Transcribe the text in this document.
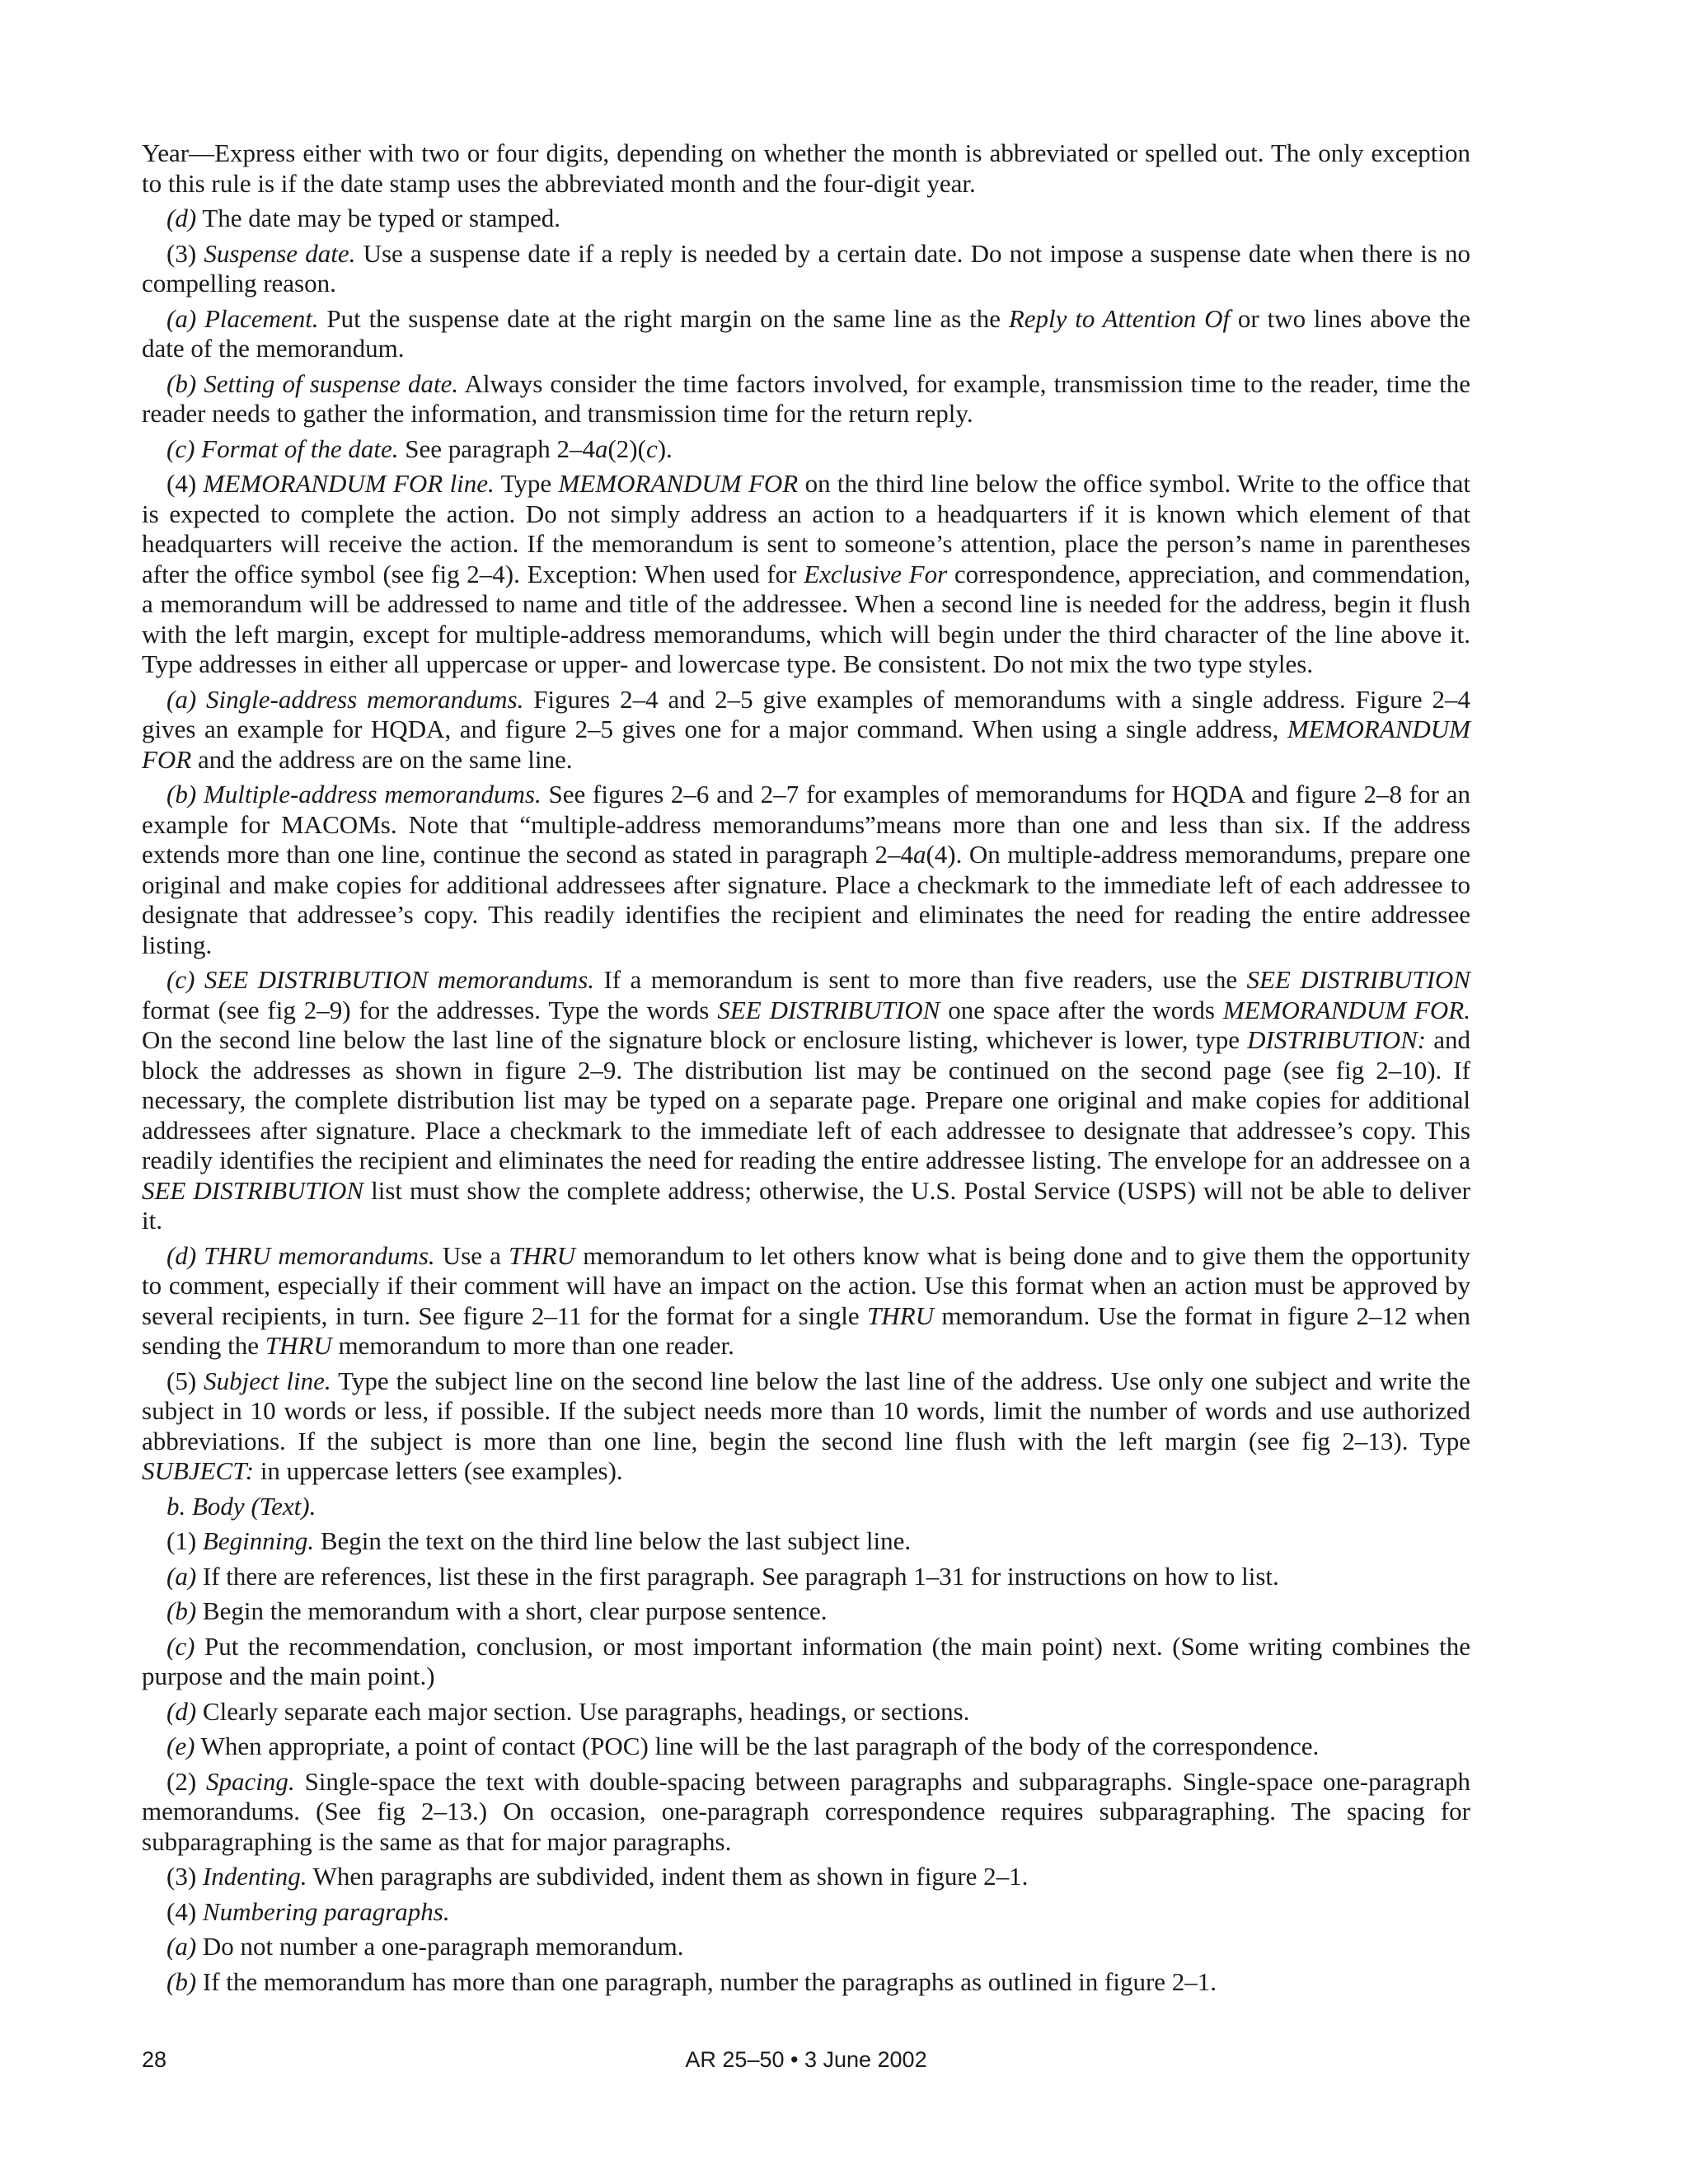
Year—Express either with two or four digits, depending on whether the month is abbreviated or spelled out. The only exception to this rule is if the date stamp uses the abbreviated month and the four-digit year.

(d) The date may be typed or stamped.

(3) Suspense date. Use a suspense date if a reply is needed by a certain date. Do not impose a suspense date when there is no compelling reason.

(a) Placement. Put the suspense date at the right margin on the same line as the Reply to Attention Of or two lines above the date of the memorandum.

(b) Setting of suspense date. Always consider the time factors involved, for example, transmission time to the reader, time the reader needs to gather the information, and transmission time for the return reply.

(c) Format of the date. See paragraph 2–4a(2)(c).

(4) MEMORANDUM FOR line. Type MEMORANDUM FOR on the third line below the office symbol. Write to the office that is expected to complete the action. Do not simply address an action to a headquarters if it is known which element of that headquarters will receive the action. If the memorandum is sent to someone’s attention, place the person’s name in parentheses after the office symbol (see fig 2–4). Exception: When used for Exclusive For correspondence, appreciation, and commendation, a memorandum will be addressed to name and title of the addressee. When a second line is needed for the address, begin it flush with the left margin, except for multiple-address memorandums, which will begin under the third character of the line above it. Type addresses in either all uppercase or upper- and lowercase type. Be consistent. Do not mix the two type styles.

(a) Single-address memorandums. Figures 2–4 and 2–5 give examples of memorandums with a single address. Figure 2–4 gives an example for HQDA, and figure 2–5 gives one for a major command. When using a single address, MEMORANDUM FOR and the address are on the same line.

(b) Multiple-address memorandums. See figures 2–6 and 2–7 for examples of memorandums for HQDA and figure 2–8 for an example for MACOMs. Note that “multiple-address memorandums”means more than one and less than six. If the address extends more than one line, continue the second as stated in paragraph 2–4a(4). On multiple-address memorandums, prepare one original and make copies for additional addressees after signature. Place a checkmark to the immediate left of each addressee to designate that addressee’s copy. This readily identifies the recipient and eliminates the need for reading the entire addressee listing.

(c) SEE DISTRIBUTION memorandums. If a memorandum is sent to more than five readers, use the SEE DISTRIBUTION format (see fig 2–9) for the addresses. Type the words SEE DISTRIBUTION one space after the words MEMORANDUM FOR. On the second line below the last line of the signature block or enclosure listing, whichever is lower, type DISTRIBUTION: and block the addresses as shown in figure 2–9. The distribution list may be continued on the second page (see fig 2–10). If necessary, the complete distribution list may be typed on a separate page. Prepare one original and make copies for additional addressees after signature. Place a checkmark to the immediate left of each addressee to designate that addressee’s copy. This readily identifies the recipient and eliminates the need for reading the entire addressee listing. The envelope for an addressee on a SEE DISTRIBUTION list must show the complete address; otherwise, the U.S. Postal Service (USPS) will not be able to deliver it.

(d) THRU memorandums. Use a THRU memorandum to let others know what is being done and to give them the opportunity to comment, especially if their comment will have an impact on the action. Use this format when an action must be approved by several recipients, in turn. See figure 2–11 for the format for a single THRU memorandum. Use the format in figure 2–12 when sending the THRU memorandum to more than one reader.

(5) Subject line. Type the subject line on the second line below the last line of the address. Use only one subject and write the subject in 10 words or less, if possible. If the subject needs more than 10 words, limit the number of words and use authorized abbreviations. If the subject is more than one line, begin the second line flush with the left margin (see fig 2–13). Type SUBJECT: in uppercase letters (see examples).

b. Body (Text).

(1) Beginning. Begin the text on the third line below the last subject line.

(a) If there are references, list these in the first paragraph. See paragraph 1–31 for instructions on how to list.

(b) Begin the memorandum with a short, clear purpose sentence.

(c) Put the recommendation, conclusion, or most important information (the main point) next. (Some writing combines the purpose and the main point.)

(d) Clearly separate each major section. Use paragraphs, headings, or sections.

(e) When appropriate, a point of contact (POC) line will be the last paragraph of the body of the correspondence.

(2) Spacing. Single-space the text with double-spacing between paragraphs and subparagraphs. Single-space one-paragraph memorandums. (See fig 2–13.) On occasion, one-paragraph correspondence requires subparagraphing. The spacing for subparagraphing is the same as that for major paragraphs.

(3) Indenting. When paragraphs are subdivided, indent them as shown in figure 2–1.

(4) Numbering paragraphs.

(a) Do not number a one-paragraph memorandum.

(b) If the memorandum has more than one paragraph, number the paragraphs as outlined in figure 2–1.

28	AR 25–50 • 3 June 2002
